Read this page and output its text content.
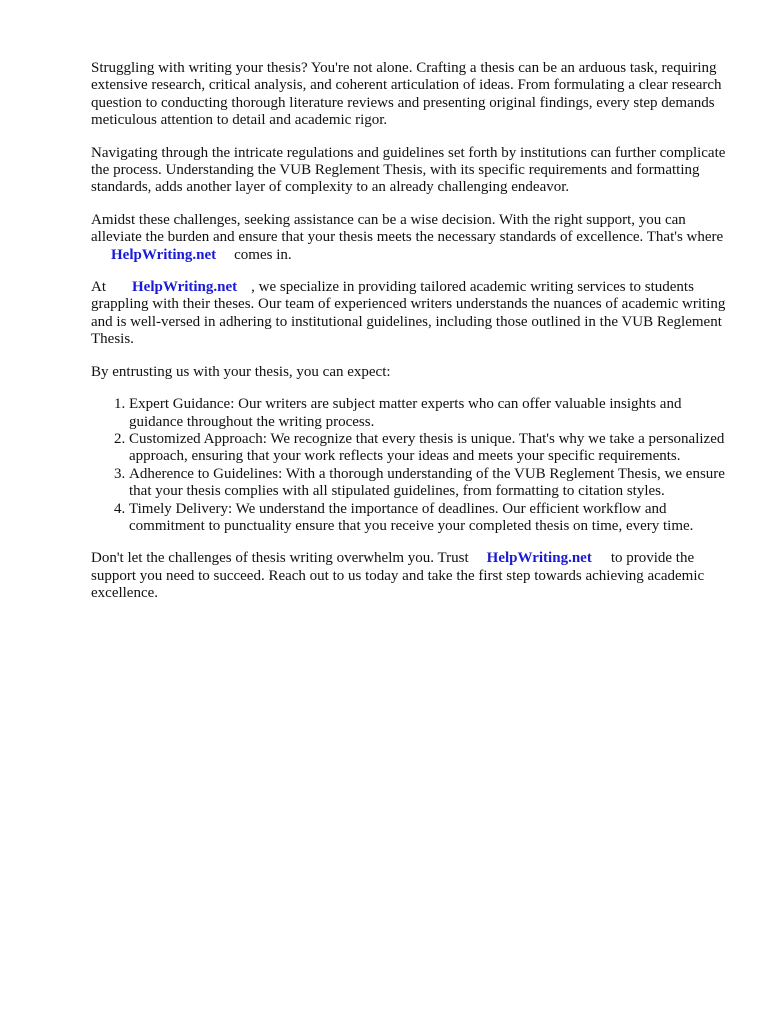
Struggling with writing your thesis? You're not alone. Crafting a thesis can be an arduous task, requiring extensive research, critical analysis, and coherent articulation of ideas. From formulating a clear research question to conducting thorough literature reviews and presenting original findings, every step demands meticulous attention to detail and academic rigor.

Navigating through the intricate regulations and guidelines set forth by institutions can further complicate the process. Understanding the VUB Reglement Thesis, with its specific requirements and formatting standards, adds another layer of complexity to an already challenging endeavor.

Amidst these challenges, seeking assistance can be a wise decision. With the right support, you can alleviate the burden and ensure that your thesis meets the necessary standards of excellence. That's whereHelpWriting.net comes in.

At HelpWriting.net , we specialize in providing tailored academic writing services to students grappling with their theses. Our team of experienced writers understands the nuances of academic writing and is well-versed in adhering to institutional guidelines, including those outlined in the VUB Reglement Thesis.

By entrusting us with your thesis, you can expect:

1. Expert Guidance: Our writers are subject matter experts who can offer valuable insights and guidance throughout the writing process.
2. Customized Approach: We recognize that every thesis is unique. That's why we take a personalized approach, ensuring that your work reflects your ideas and meets your specific requirements.
3. Adherence to Guidelines: With a thorough understanding of the VUB Reglement Thesis, we ensure that your thesis complies with all stipulated guidelines, from formatting to citation styles.
4. Timely Delivery: We understand the importance of deadlines. Our efficient workflow and commitment to punctuality ensure that you receive your completed thesis on time, every time.

Don't let the challenges of thesis writing overwhelm you. Trust HelpWriting.net to provide the support you need to succeed. Reach out to us today and take the first step towards achieving academic excellence.
